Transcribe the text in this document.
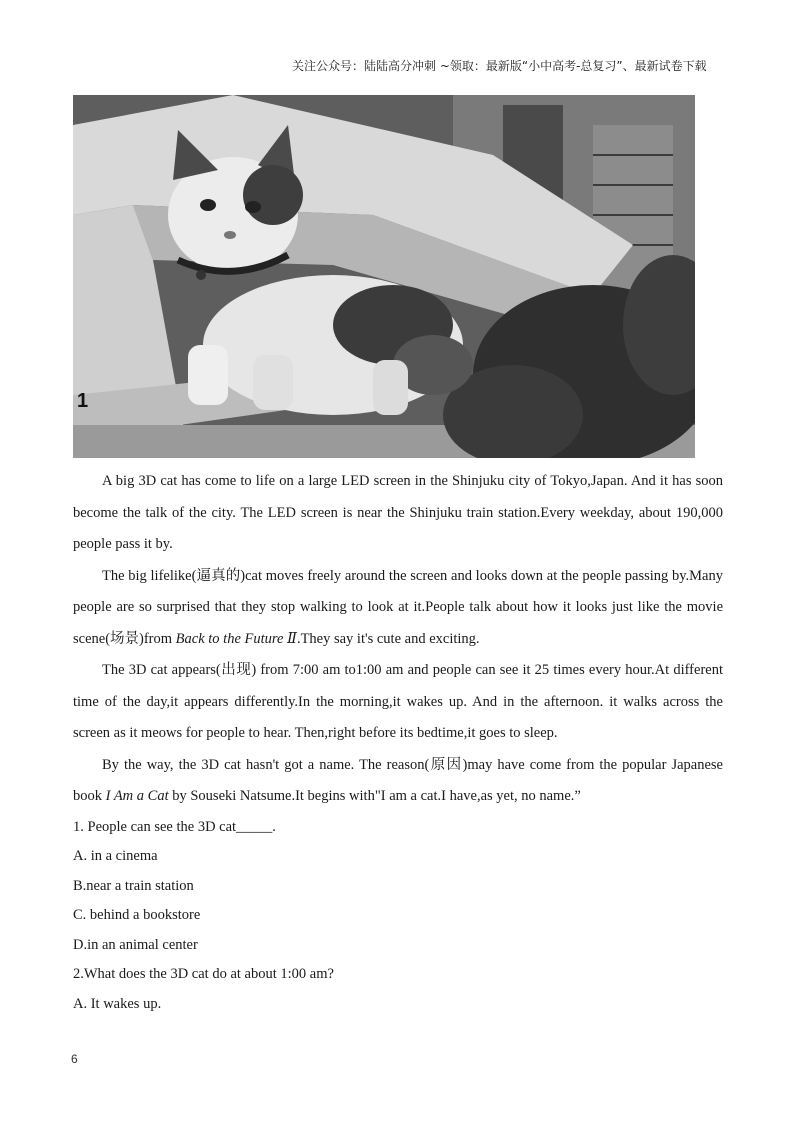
关注公众号：陆陆高分冲刺 ~领取：最新版“小中高考-总复习”、最新试卷下载
1

A big 3D cat has come to life on a large LED screen in the Shinjuku city of Tokyo,Japan. And it has soon become the talk of the city. The LED screen is near the Shinjuku train station.Every weekday, about 190,000 people pass it by.

The big lifelike(逼真的)cat moves freely around the screen and looks down at the people passing by.Many people are so surprised that they stop walking to look at it.People talk about how it looks just like the movie scene(场景)from Back to the Future Ⅱ.They say it's cute and exciting.

The 3D cat appears(出现) from 7:00 am to1:00 am and people can see it 25 times every hour.At different time of the day,it appears differently.In the morning,it wakes up. And in the afternoon. it walks across the screen as it meows for people to hear. Then,right before its bedtime,it goes to sleep.

By the way, the 3D cat hasn't got a name. The reason(原因)may have come from the popular Japanese book I Am a Cat by Souseki Natsume.It begins with"I am a cat.I have,as yet, no name.”

1. People can see the 3D cat_____.

A. in a cinema

B.near a train station

C. behind a bookstore

D.in an animal center

2.What does the 3D cat do at about 1:00 am?

A. It wakes up.

6
